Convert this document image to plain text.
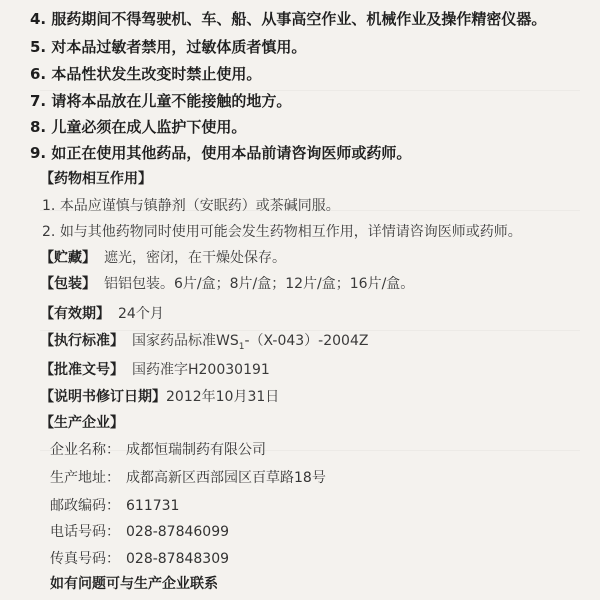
4. 服药期间不得驾驶机、车、船、从事高空作业、机械作业及操作精密仪器。
5. 对本品过敏者禁用，过敏体质者慎用。
6. 本品性状发生改变时禁止使用。
7. 请将本品放在儿童不能接触的地方。
8. 儿童必须在成人监护下使用。
9. 如正在使用其他药品，使用本品前请咨询医师或药师。
【药物相互作用】
1. 本品应谨慎与镇静剂（安眠药）或茶碱同服。
2. 如与其他药物同时使用可能会发生药物相互作用，详情请咨询医师或药师。
【贮藏】 遮光，密闭，在干燥处保存。
【包装】 铝铝包装。6片/盒；8片/盒；12片/盒；16片/盒。
【有效期】 24个月
【执行标准】 国家药品标准$WS_1-(X-043)-2004Z$
【批准文号】 国药准字H20030191
【说明书修订日期】2012年10月31日
【生产企业】
企业名称： 成都恒瑞制药有限公司
生产地址： 成都高新区西部园区百草路18号
邮政编码： 611731
电话号码： 028-87846099
传真号码： 028-87848309
如有问题可与生产企业联系
